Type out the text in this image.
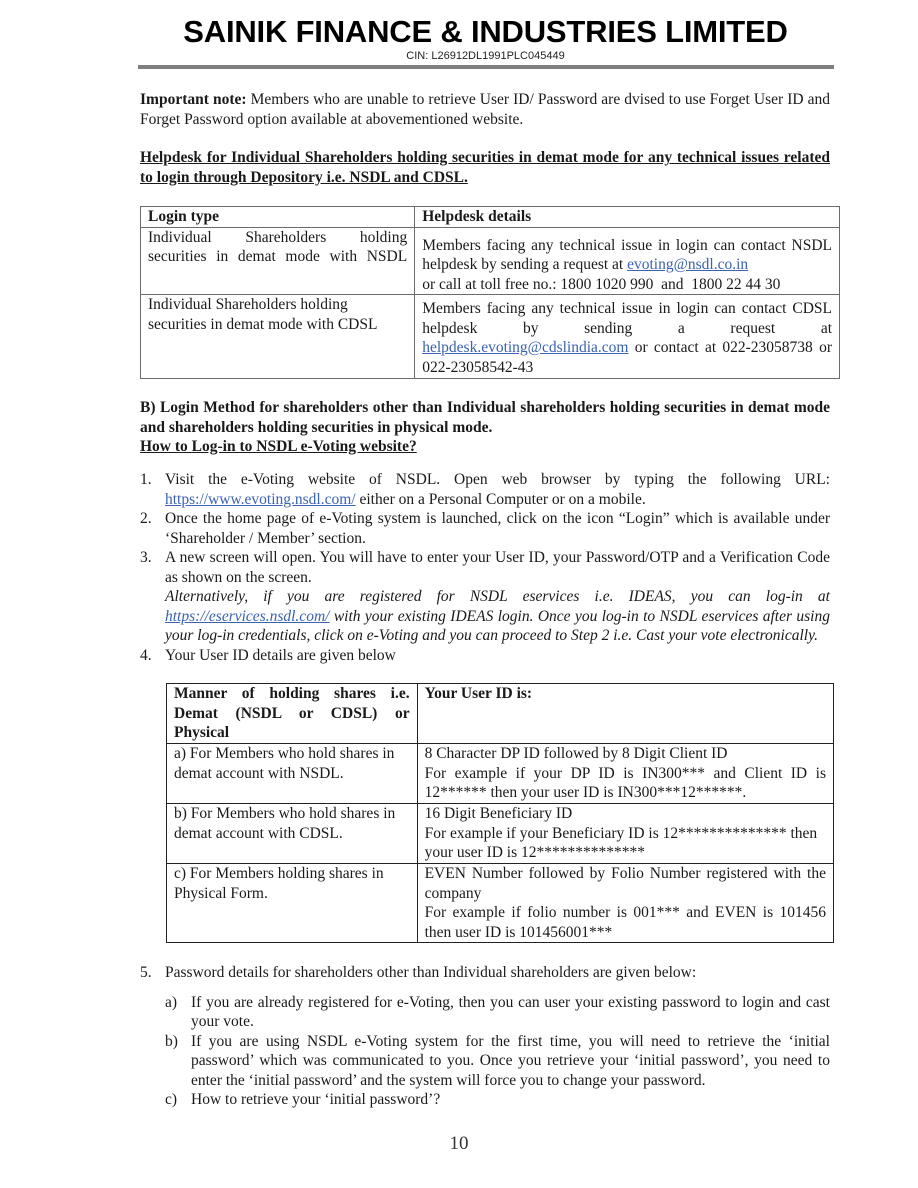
SAINIK FINANCE & INDUSTRIES LIMITED
CIN: L26912DL1991PLC045449
Important note: Members who are unable to retrieve User ID/ Password are dvised to use Forget User ID and Forget Password option available at abovementioned website.
Helpdesk for Individual Shareholders holding securities in demat mode for any technical issues related to login through Depository i.e. NSDL and CDSL.
Login type	Helpdesk details
Individual Shareholders holding securities in demat mode with NSDL	Members facing any technical issue in login can contact NSDL helpdesk by sending a request at evoting@nsdl.co.in
or call at toll free no.: 1800 1020 990  and  1800 22 44 30

Individual Shareholders holding securities in demat mode with CDSL	Members facing any technical issue in login can contact CDSL helpdesk by sending a request at
helpdesk.evoting@cdslindia.com or contact at 022-23058738 or 022-23058542-43
B) Login Method for shareholders other than Individual shareholders holding securities in demat mode and shareholders holding securities in physical mode.
How to Log-in to NSDL e-Voting website?
1. Visit the e-Voting website of NSDL. Open web browser by typing the following URL: https://www.evoting.nsdl.com/ either on a Personal Computer or on a mobile.
2. Once the home page of e-Voting system is launched, click on the icon “Login” which is available under ‘Shareholder / Member’ section.
3. A new screen will open. You will have to enter your User ID, your Password/OTP and a Verification Code as shown on the screen.
Alternatively, if you are registered for NSDL eservices i.e. IDEAS, you can log-in at https://eservices.nsdl.com/ with your existing IDEAS login. Once you log-in to NSDL eservices after using your log-in credentials, click on e-Voting and you can proceed to Step 2 i.e. Cast your vote electronically.
4. Your User ID details are given below
Manner of holding shares i.e. Demat (NSDL or CDSL) or Physical	Your User ID is:
a) For Members who hold shares in demat account with NSDL.	8 Character DP ID followed by 8 Digit Client ID
For example if your DP ID is IN300*** and Client ID is 12****** then your user ID is IN300***12******.

b) For Members who hold shares in demat account with CDSL.	16 Digit Beneficiary ID
For example if your Beneficiary ID is 12************** then your user ID is 12**************

c) For Members holding shares in Physical Form.	EVEN Number followed by Folio Number registered with the company
For example if folio number is 001*** and EVEN is 101456 then user ID is 101456001***
5. Password details for shareholders other than Individual shareholders are given below:
a) If you are already registered for e-Voting, then you can user your existing password to login and cast your vote.
b) If you are using NSDL e-Voting system for the first time, you will need to retrieve the ‘initial password’ which was communicated to you. Once you retrieve your ‘initial password’, you need to enter the ‘initial password’ and the system will force you to change your password.
c) How to retrieve your ‘initial password’?
10
